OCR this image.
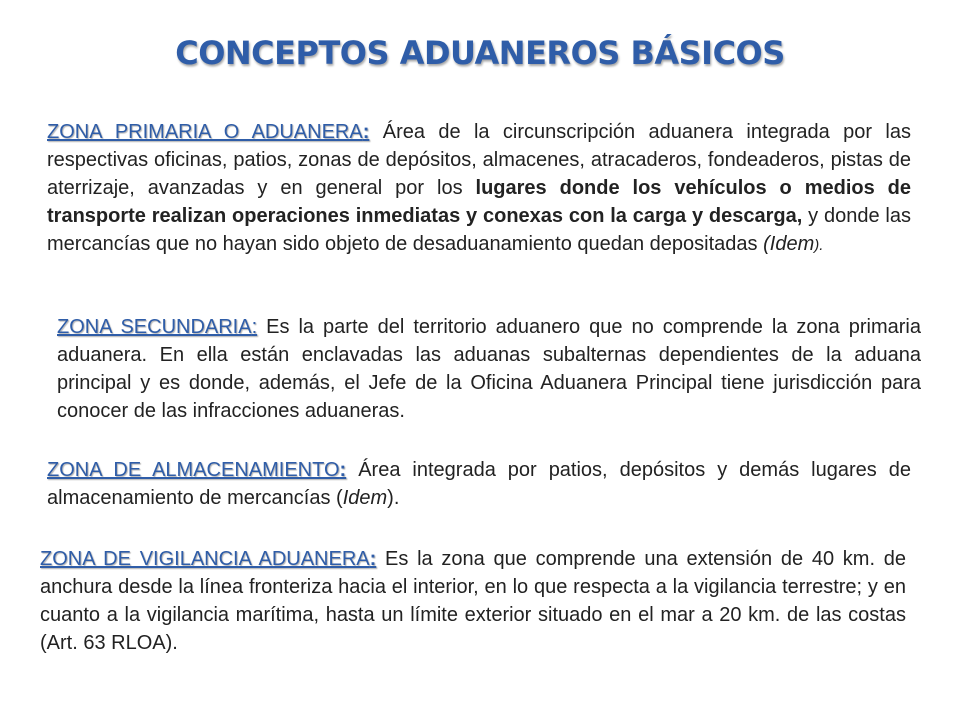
CONCEPTOS ADUANEROS BÁSICOS
ZONA PRIMARIA O ADUANERA: Área de la circunscripción aduanera integrada por las respectivas oficinas, patios, zonas de depósitos, almacenes, atracaderos, fondeaderos, pistas de aterrizaje, avanzadas y en general por los lugares donde los vehículos o medios de transporte realizan operaciones inmediatas y conexas con la carga y descarga, y donde las mercancías que no hayan sido objeto de desaduanamiento quedan depositadas (Idem).
ZONA SECUNDARIA: Es la parte del territorio aduanero que no comprende la zona primaria aduanera. En ella están enclavadas las aduanas subalternas dependientes de la aduana principal y es donde, además, el Jefe de la Oficina Aduanera Principal tiene jurisdicción para conocer de las infracciones aduaneras.
ZONA DE ALMACENAMIENTO: Área integrada por patios, depósitos y demás lugares de almacenamiento de mercancías (Idem).
ZONA DE VIGILANCIA ADUANERA: Es la zona que comprende una extensión de 40 km. de anchura desde la línea fronteriza hacia el interior, en lo que respecta a la vigilancia terrestre; y en cuanto a la vigilancia marítima, hasta un límite exterior situado en el mar a 20 km. de las costas (Art. 63 RLOA).
